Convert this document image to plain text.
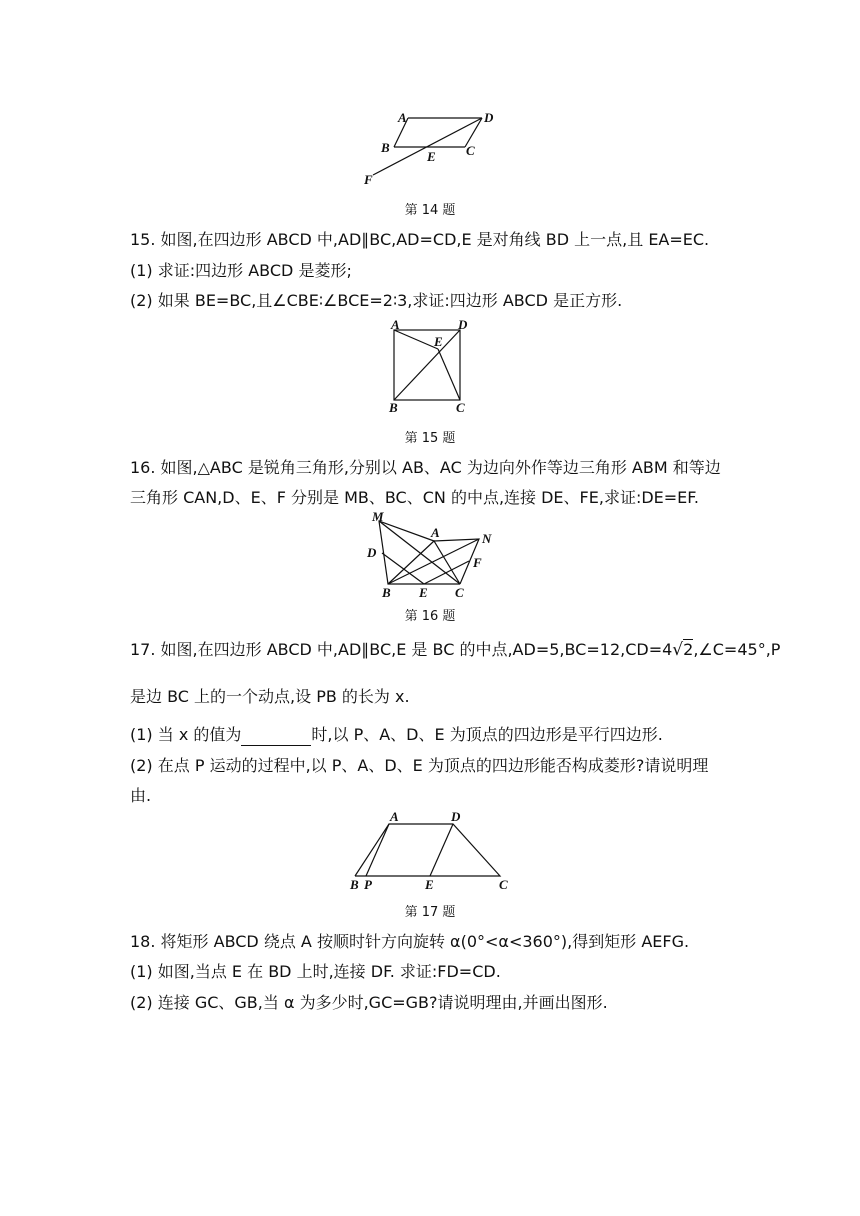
A	D
B
E C
F
第 14 题
15. 如图,在四边形 ABCD 中,AD∥BC,AD=CD,E 是对角线 BD 上一点,且 EA=EC.
(1) 求证:四边形 ABCD 是菱形;
(2) 如果 BE=BC,且∠CBE∶∠BCE=2∶3,求证:四边形 ABCD 是正方形.
A	D
E
B	C
第 15 题
16. 如图,△ABC 是锐角三角形,分别以 AB、AC 为边向外作等边三角形 ABM 和等边
三角形 CAN,D、E、F 分别是 MB、BC、CN 的中点,连接 DE、FE,求证:DE=EF.
M
A	N
D
F
B E C
第 16 题
17. 如图,在四边形 ABCD 中,AD∥BC,E 是 BC 的中点,AD=5,BC=12,CD=4√2,∠C=45°,P
是边 BC 上的一个动点,设 PB 的长为 x.
(1) 当 x 的值为	时,以 P、A、D、E 为顶点的四边形是平行四边形.
(2) 在点 P 运动的过程中,以 P、A、D、E 为顶点的四边形能否构成菱形?请说明理
由.
A	D
B P	E	C
第 17 题
18. 将矩形 ABCD 绕点 A 按顺时针方向旋转 α(0°<α<360°),得到矩形 AEFG.
(1) 如图,当点 E 在 BD 上时,连接 DF. 求证:FD=CD.
(2) 连接 GC、GB,当 α 为多少时,GC=GB?请说明理由,并画出图形.
